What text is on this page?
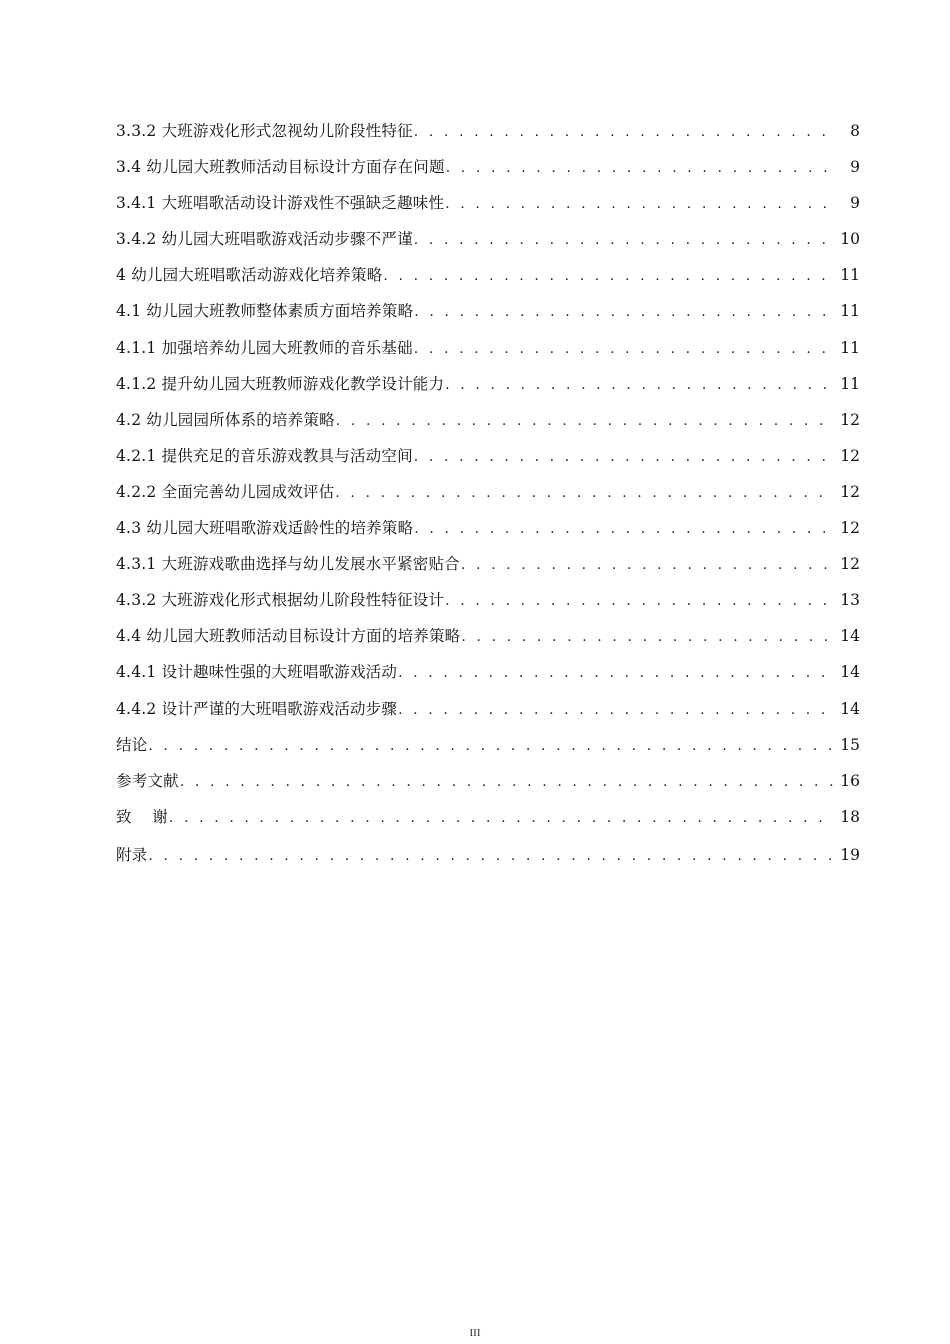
3.3.2 大班游戏化形式忽视幼儿阶段性特征 . . .	8
3.4 幼儿园大班教师活动目标设计方面存在问题 . . .	9
3.4.1 大班唱歌活动设计游戏性不强缺乏趣味性 . . .	9
3.4.2 幼儿园大班唱歌游戏活动步骤不严谨 . . .	10
4 幼儿园大班唱歌活动游戏化培养策略 . . .	11
4.1 幼儿园大班教师整体素质方面培养策略 . . .	11
4.1.1 加强培养幼儿园大班教师的音乐基础 . . .	11
4.1.2 提升幼儿园大班教师游戏化教学设计能力 . . .	11
4.2 幼儿园园所体系的培养策略 . . .	12
4.2.1 提供充足的音乐游戏教具与活动空间 . . .	12
4.2.2 全面完善幼儿园成效评估 . . .	12
4.3 幼儿园大班唱歌游戏适龄性的培养策略 . . .	12
4.3.1 大班游戏歌曲选择与幼儿发展水平紧密贴合 . . .	12
4.3.2 大班游戏化形式根据幼儿阶段性特征设计 . . .	13
4.4 幼儿园大班教师活动目标设计方面的培养策略 . . .	14
4.4.1 设计趣味性强的大班唱歌游戏活动 . . .	14
4.4.2 设计严谨的大班唱歌游戏活动步骤 . . .	14
结论 . . .	15
参考文献 . . .	16
致    谢 . . .	18
附录 . . .	19
III
